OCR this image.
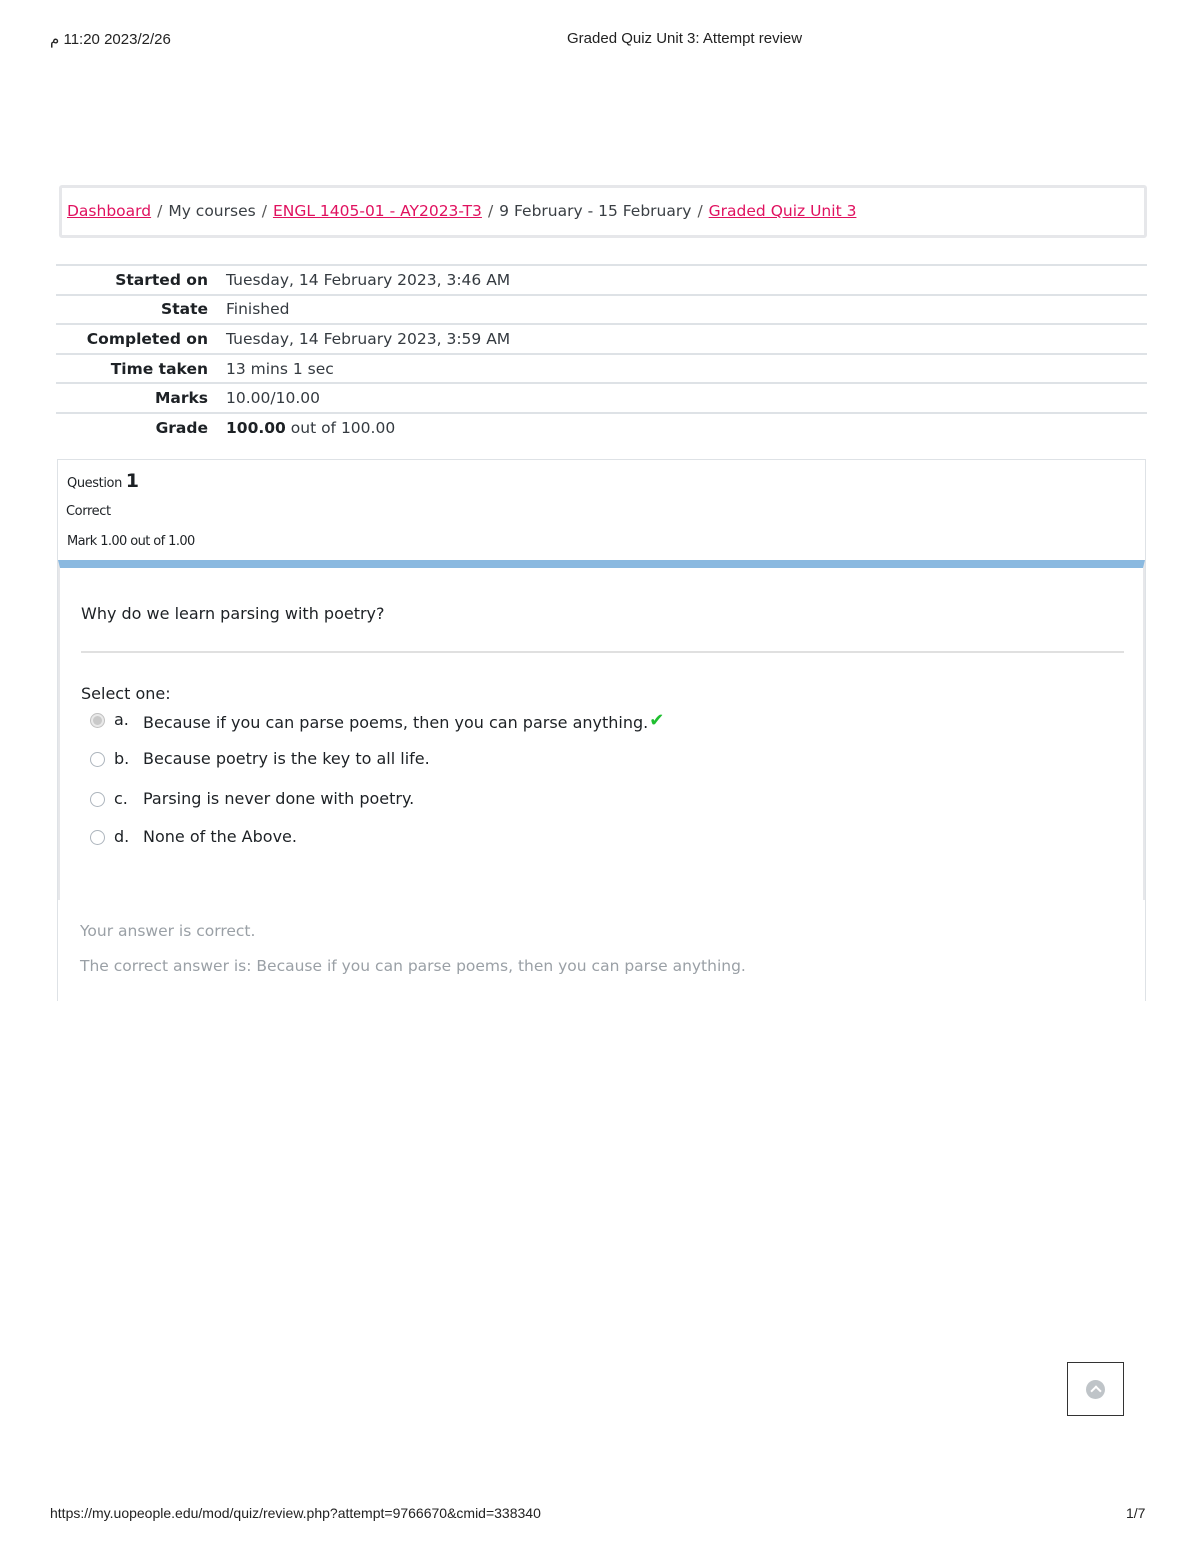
2023/2/26 11:20 م	Graded Quiz Unit 3: Attempt review
Dashboard / My courses / ENGL 1405-01 - AY2023-T3 / 9 February - 15 February / Graded Quiz Unit 3
Started on	Tuesday, 14 February 2023, 3:46 AM
State	Finished
Completed on	Tuesday, 14 February 2023, 3:59 AM
Time taken	13 mins 1 sec
Marks	10.00/10.00
Grade	100.00 out of 100.00
Question 1
Correct
Mark 1.00 out of 1.00
Why do we learn parsing with poetry?
Select one:
a. Because if you can parse poems, then you can parse anything.✔
b. Because poetry is the key to all life.
c. Parsing is never done with poetry.
d. None of the Above.
Your answer is correct.
The correct answer is: Because if you can parse poems, then you can parse anything.
https://my.uopeople.edu/mod/quiz/review.php?attempt=9766670&cmid=338340	1/7
